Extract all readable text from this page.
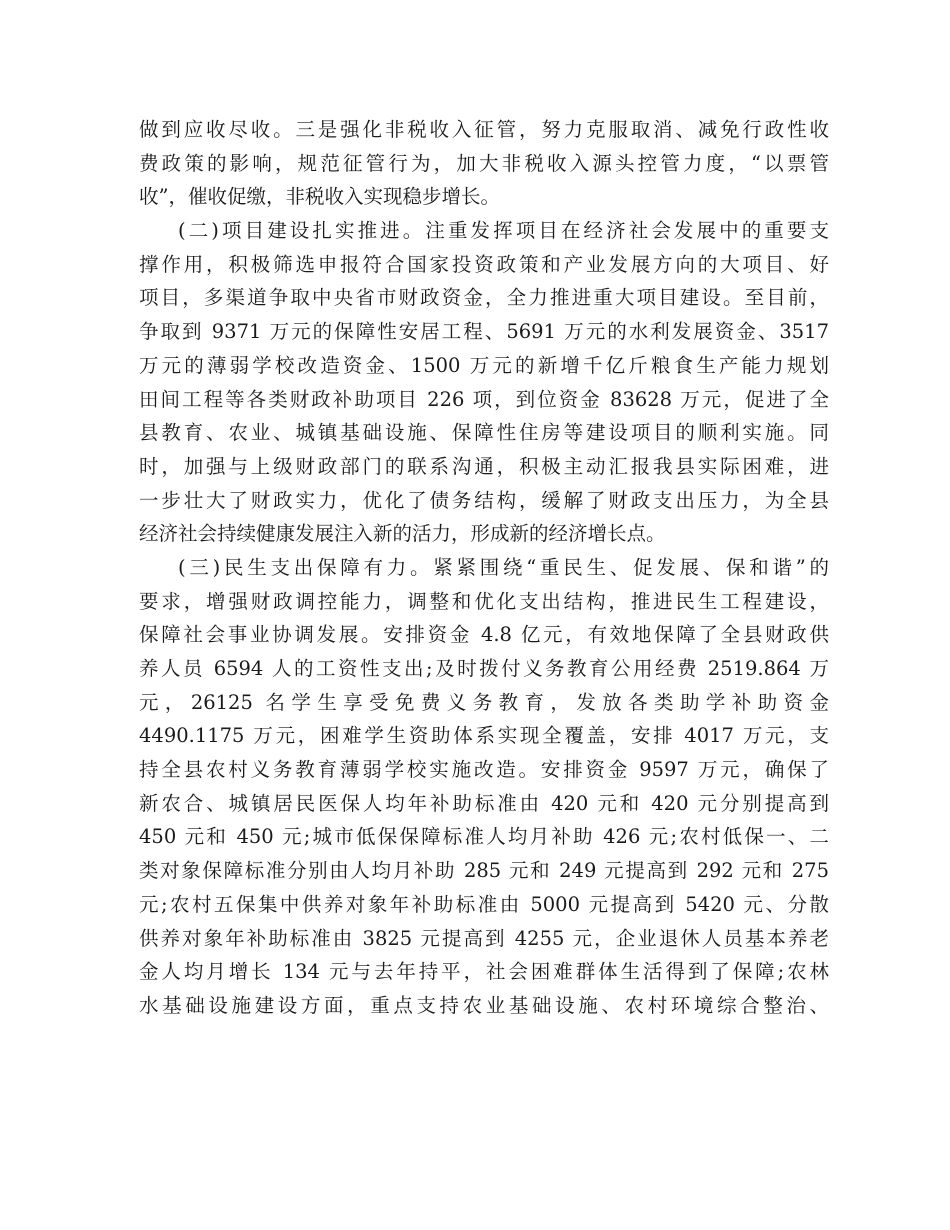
做到应收尽收。三是强化非税收入征管，努力克服取消、减免行政性收
费政策的影响，规范征管行为，加大非税收入源头控管力度，“以票管
收”，催收促缴，非税收入实现稳步增长。
(二)项目建设扎实推进。注重发挥项目在经济社会发展中的重要支
撑作用，积极筛选申报符合国家投资政策和产业发展方向的大项目、好
项目，多渠道争取中央省市财政资金，全力推进重大项目建设。至目前，
争取到 9371 万元的保障性安居工程、5691 万元的水利发展资金、3517
万元的薄弱学校改造资金、1500 万元的新增千亿斤粮食生产能力规划
田间工程等各类财政补助项目 226 项，到位资金 83628 万元，促进了全
县教育、农业、城镇基础设施、保障性住房等建设项目的顺利实施。同
时，加强与上级财政部门的联系沟通，积极主动汇报我县实际困难，进
一步壮大了财政实力，优化了债务结构，缓解了财政支出压力，为全县
经济社会持续健康发展注入新的活力，形成新的经济增长点。
(三)民生支出保障有力。紧紧围绕“重民生、促发展、保和谐”的
要求，增强财政调控能力，调整和优化支出结构，推进民生工程建设，
保障社会事业协调发展。安排资金 4.8 亿元，有效地保障了全县财政供
养人员 6594 人的工资性支出;及时拨付义务教育公用经费 2519.864 万
元，26125 名学生享受免费义务教育，发放各类助学补助资金
4490.1175 万元，困难学生资助体系实现全覆盖，安排 4017 万元，支
持全县农村义务教育薄弱学校实施改造。安排资金 9597 万元，确保了
新农合、城镇居民医保人均年补助标准由 420 元和 420 元分别提高到
450 元和 450 元;城市低保保障标准人均月补助 426 元;农村低保一、二
类对象保障标准分别由人均月补助 285 元和 249 元提高到 292 元和 275
元;农村五保集中供养对象年补助标准由 5000 元提高到 5420 元、分散
供养对象年补助标准由 3825 元提高到 4255 元，企业退休人员基本养老
金人均月增长 134 元与去年持平，社会困难群体生活得到了保障;农林
水基础设施建设方面，重点支持农业基础设施、农村环境综合整治、
